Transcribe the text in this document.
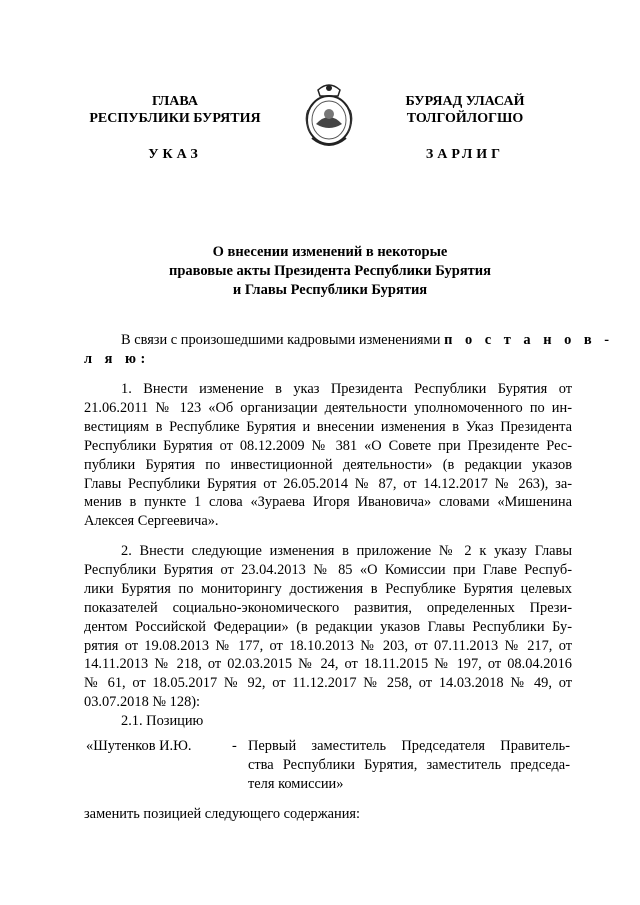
ГЛАВА
РЕСПУБЛИКИ БУРЯТИЯ
УКАЗ
БУРЯАД УЛАСАЙ
ТОЛГОЙЛОГШО
ЗАРЛИГ
О внесении изменений в некоторые
правовые акты Президента Республики Бурятия
и Главы Республики Бурятия
В связи с произошедшими кадровыми изменениями п о с т а н о в -
л я ю:
1. Внести изменение в указ Президента Республики Бурятия от
21.06.2011 № 123 «Об организации деятельности уполномоченного по ин-
вестициям в Республике Бурятия и внесении изменения в Указ Президента
Республики Бурятия от 08.12.2009 № 381 «О Совете при Президенте Рес-
публики Бурятия по инвестиционной деятельности» (в редакции указов
Главы Республики Бурятия от 26.05.2014 № 87, от 14.12.2017 № 263), за-
менив в пункте 1 слова «Зураева Игоря Ивановича» словами «Мишенина
Алексея Сергеевича».
2. Внести следующие изменения в приложение № 2 к указу Главы
Республики Бурятия от 23.04.2013 № 85 «О Комиссии при Главе Респуб-
лики Бурятия по мониторингу достижения в Республике Бурятия целевых
показателей социально-экономического развития, определенных Прези-
дентом Российской Федерации» (в редакции указов Главы Республики Бу-
рятия от 19.08.2013 № 177, от 18.10.2013 № 203, от 07.11.2013 № 217, от
14.11.2013 № 218, от 02.03.2015 № 24, от 18.11.2015 № 197, от 08.04.2016
№ 61, от 18.05.2017 № 92, от 11.12.2017 № 258, от 14.03.2018 № 49, от
03.07.2018 № 128):
2.1. Позицию
«Шутенков И.Ю.	- Первый заместитель Председателя Правитель-
ства Республики Бурятия, заместитель председа-
теля комиссии»
заменить позицией следующего содержания:
